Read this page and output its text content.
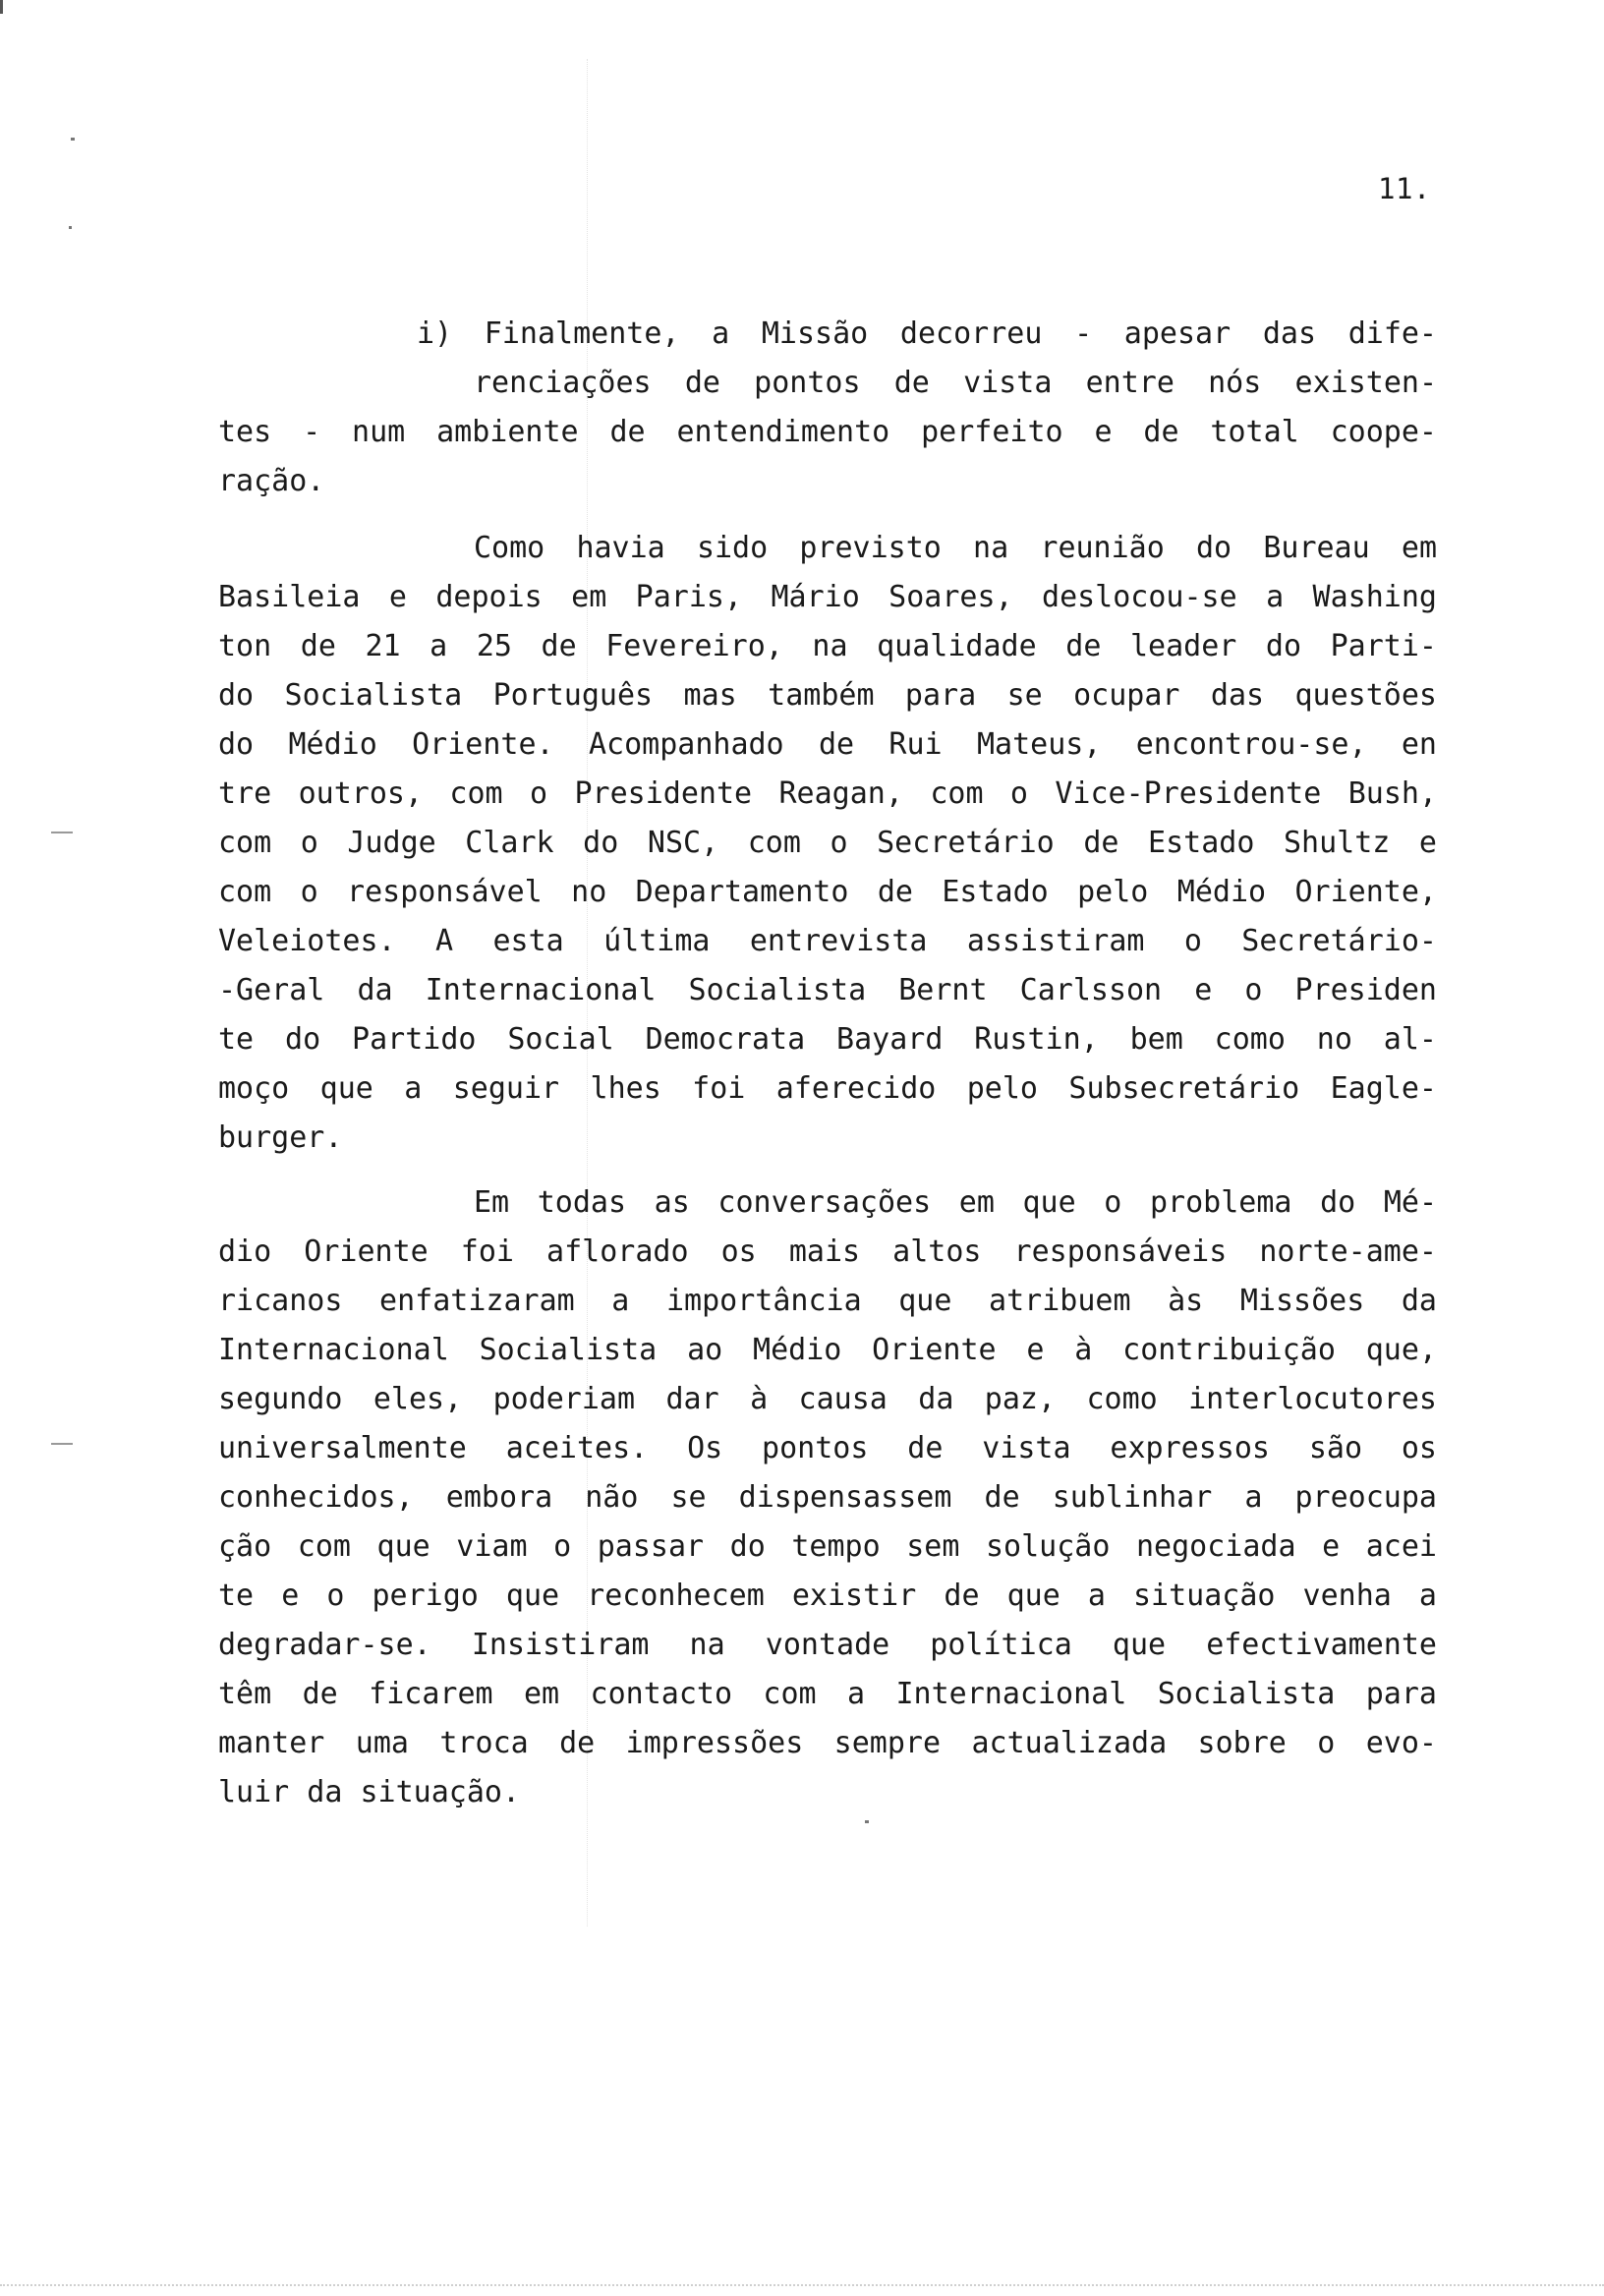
11.
i) Finalmente, a Missão decorreu - apesar das dife-
renciações de pontos de vista entre nós existen-
tes - num ambiente de entendimento perfeito e de total coope-
ração.
Como havia sido previsto na reunião do Bureau em
Basileia e depois em Paris, Mário Soares, deslocou-se a Washing
ton de 21 a 25 de Fevereiro, na qualidade de leader do Parti-
do Socialista Português mas também para se ocupar das questões
do Médio Oriente. Acompanhado de Rui Mateus, encontrou-se, en
tre outros, com o Presidente Reagan, com o Vice-Presidente Bush,
com o Judge Clark do NSC, com o Secretário de Estado Shultz e
com o responsável no Departamento de Estado pelo Médio Oriente,
Veleiotes. A esta última entrevista assistiram o Secretário-
-Geral da Internacional Socialista Bernt Carlsson e o Presiden
te do Partido Social Democrata Bayard Rustin, bem como no al-
moço que a seguir lhes foi aferecido pelo Subsecretário Eagle-
burger.
Em todas as conversações em que o problema do Mé-
dio Oriente foi aflorado os mais altos responsáveis norte-ame-
ricanos enfatizaram a importância que atribuem às Missões da
Internacional Socialista ao Médio Oriente e à contribuição que,
segundo eles, poderiam dar à causa da paz, como interlocutores
universalmente aceites. Os pontos de vista expressos são os
conhecidos, embora não se dispensassem de sublinhar a preocupa
ção com que viam o passar do tempo sem solução negociada e acei
te e o perigo que reconhecem existir de que a situação venha a
degradar-se. Insistiram na vontade política que efectivamente
têm de ficarem em contacto com a Internacional Socialista para
manter uma troca de impressões sempre actualizada sobre o evo-
luir da situação.
